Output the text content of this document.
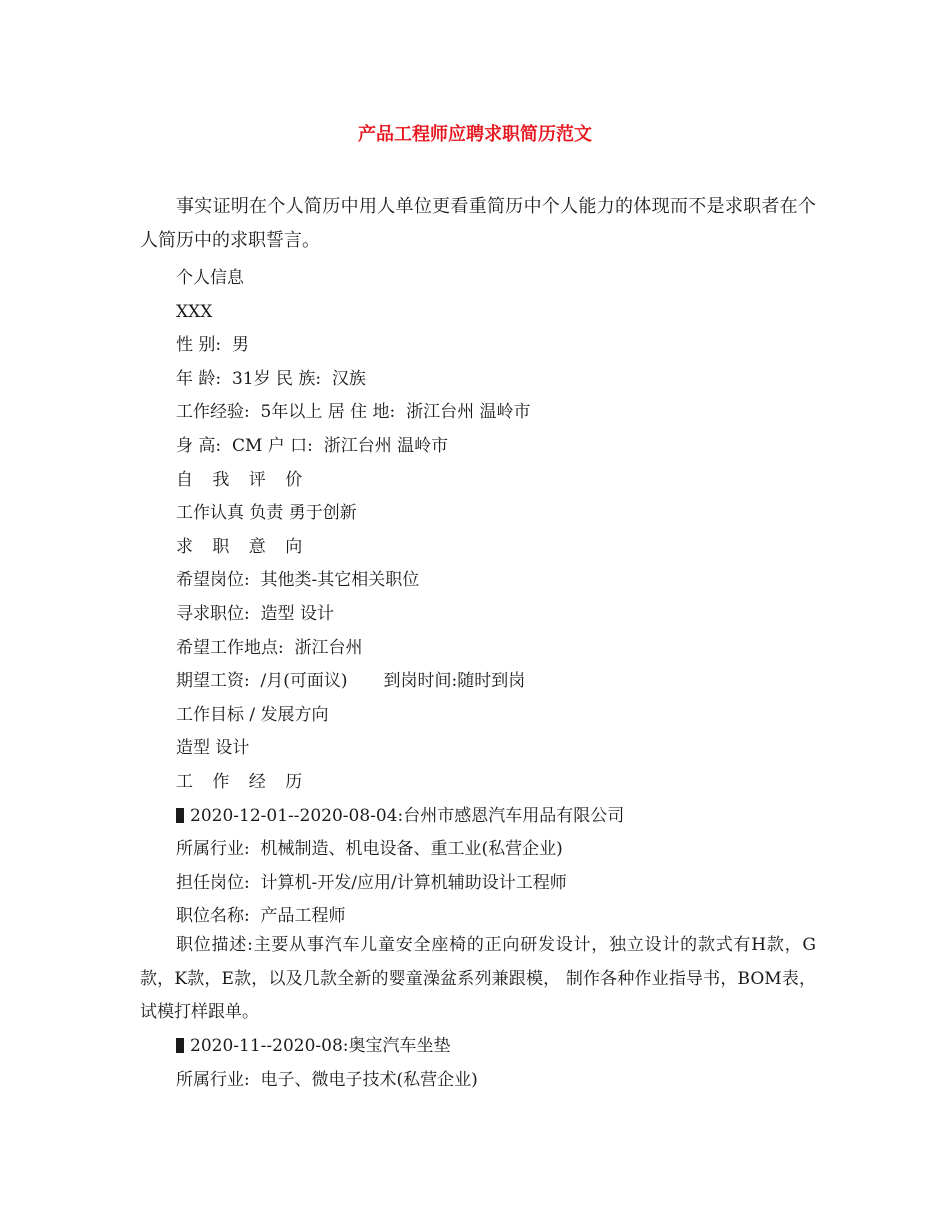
产品工程师应聘求职简历范文

事实证明在个人简历中用人单位更看重简历中个人能力的体现而不是求职者在个人简历中的求职誓言。

个人信息
XXX
性 别:  男
年 龄:  31岁 民 族:  汉族
工作经验:  5年以上 居 住 地:  浙江台州 温岭市
身 高:  CM 户 口:  浙江台州 温岭市
自 我 评 价
工作认真 负责 勇于创新
求 职 意 向
希望岗位:  其他类-其它相关职位
寻求职位:  造型 设计
希望工作地点:  浙江台州
期望工资:  /月(可面议) 到岗时间:随时到岗
工作目标 / 发展方向
造型 设计
工 作 经 历
2020-12-01--2020-08-04:台州市感恩汽车用品有限公司
所属行业:  机械制造、机电设备、重工业(私营企业)
担任岗位:  计算机-开发/应用/计算机辅助设计工程师
职位名称:  产品工程师

职位描述:主要从事汽车儿童安全座椅的正向研发设计，独立设计的款式有H款，G款，K款，E款，以及几款全新的婴童澡盆系列兼跟模， 制作各种作业指导书，BOM表，试模打样跟单。

2020-11--2020-08:奥宝汽车坐垫
所属行业:  电子、微电子技术(私营企业)
